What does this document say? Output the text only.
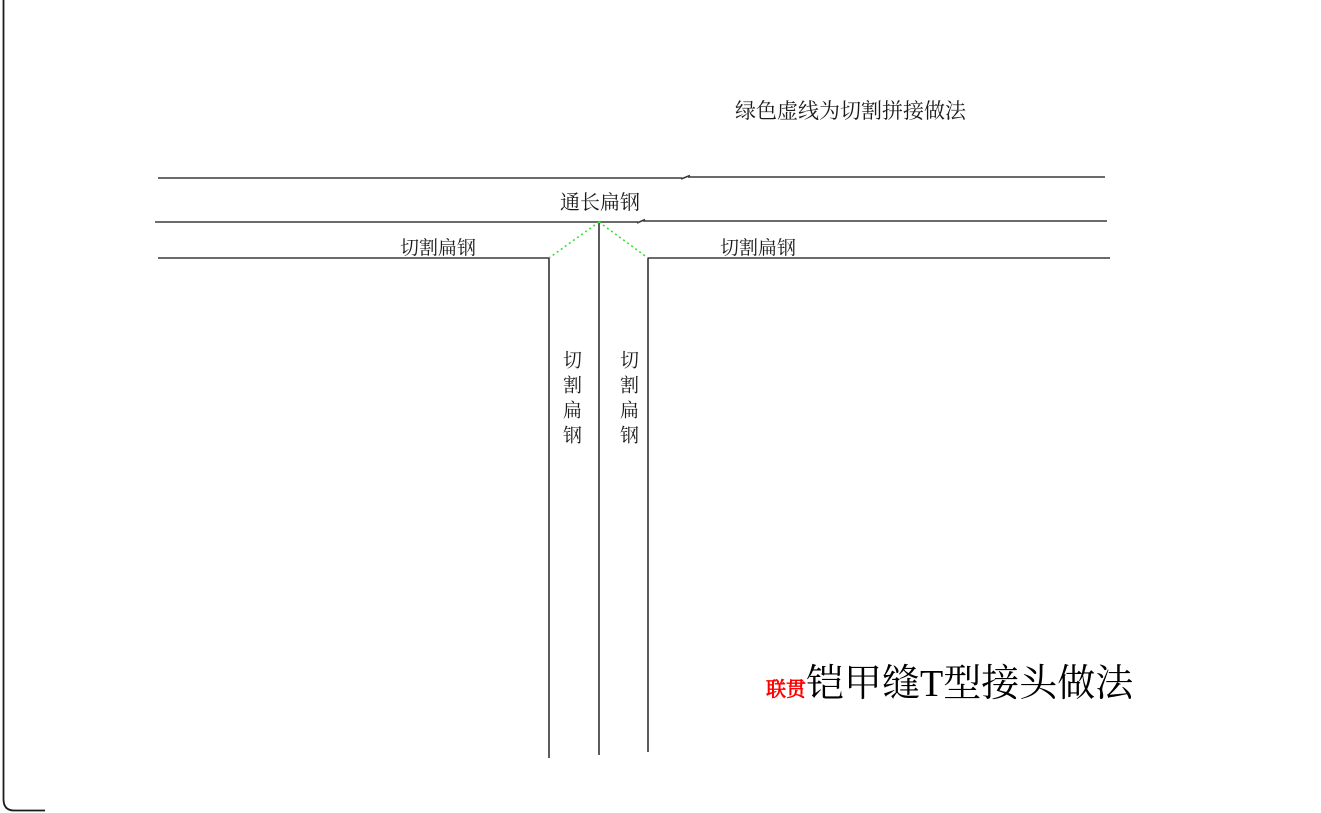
绿色虚线为切割拼接做法
通长扁钢
切割扁钢	切割扁钢
切割扁钢 切割扁钢
联贯 铠甲缝T型接头做法
